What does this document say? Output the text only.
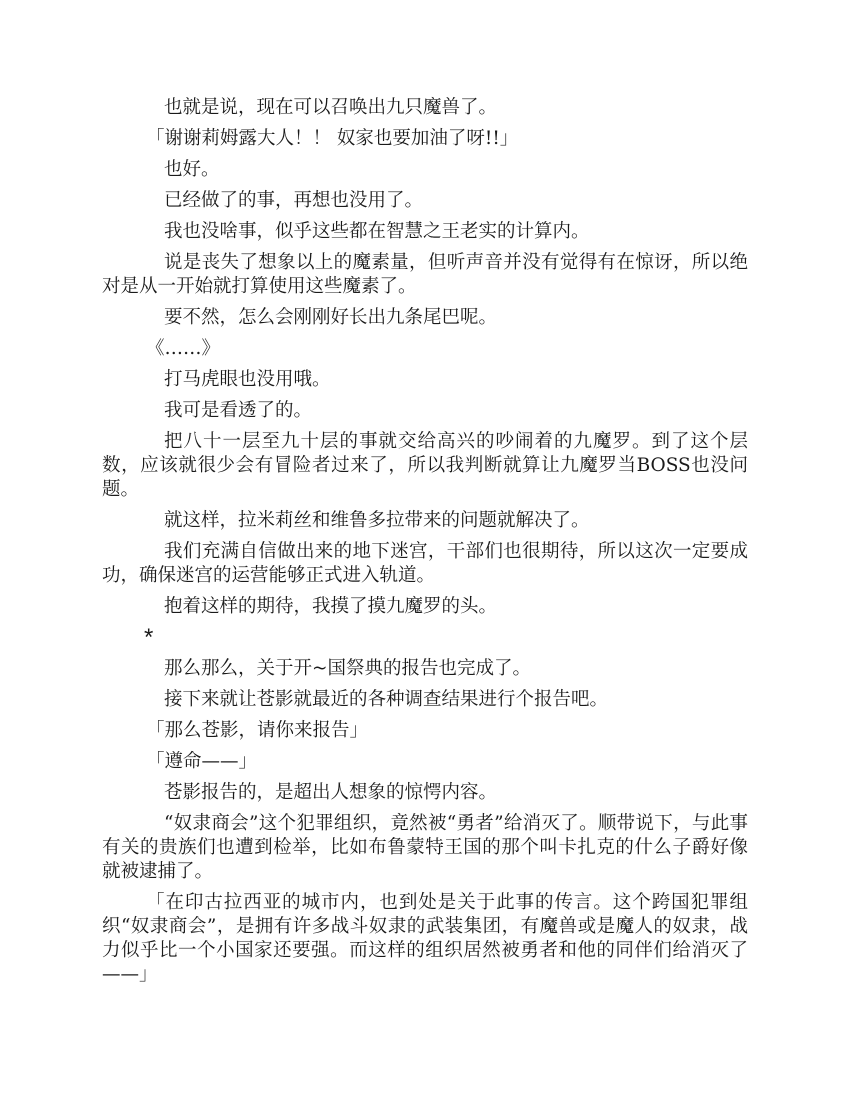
也就是说，现在可以召唤出九只魔兽了。

「谢谢莉姆露大人！！ 奴家也要加油了呀!!」

也好。

已经做了的事，再想也没用了。

我也没啥事，似乎这些都在智慧之王老实的计算内。

说是丧失了想象以上的魔素量，但听声音并没有觉得有在惊讶，所以绝对是从一开始就打算使用这些魔素了。

要不然，怎么会刚刚好长出九条尾巴呢。

《……》

打马虎眼也没用哦。

我可是看透了的。

把八十一层至九十层的事就交给高兴的吵闹着的九魔罗。到了这个层数，应该就很少会有冒险者过来了，所以我判断就算让九魔罗当BOSS也没问题。

就这样，拉米莉丝和维鲁多拉带来的问题就解决了。

我们充满自信做出来的地下迷宫，干部们也很期待，所以这次一定要成功，确保迷宫的运营能够正式进入轨道。

抱着这样的期待，我摸了摸九魔罗的头。

*

那么那么，关于开~国祭典的报告也完成了。

接下来就让苍影就最近的各种调查结果进行个报告吧。

「那么苍影，请你来报告」

「遵命——」

苍影报告的，是超出人想象的惊愕内容。

“奴隶商会”这个犯罪组织，竟然被“勇者”给消灭了。顺带说下，与此事有关的贵族们也遭到检举，比如布鲁蒙特王国的那个叫卡扎克的什么子爵好像就被逮捕了。

「在印古拉西亚的城市内，也到处是关于此事的传言。这个跨国犯罪组织“奴隶商会”，是拥有许多战斗奴隶的武装集团，有魔兽或是魔人的奴隶，战力似乎比一个小国家还要强。而这样的组织居然被勇者和他的同伴们给消灭了——」
